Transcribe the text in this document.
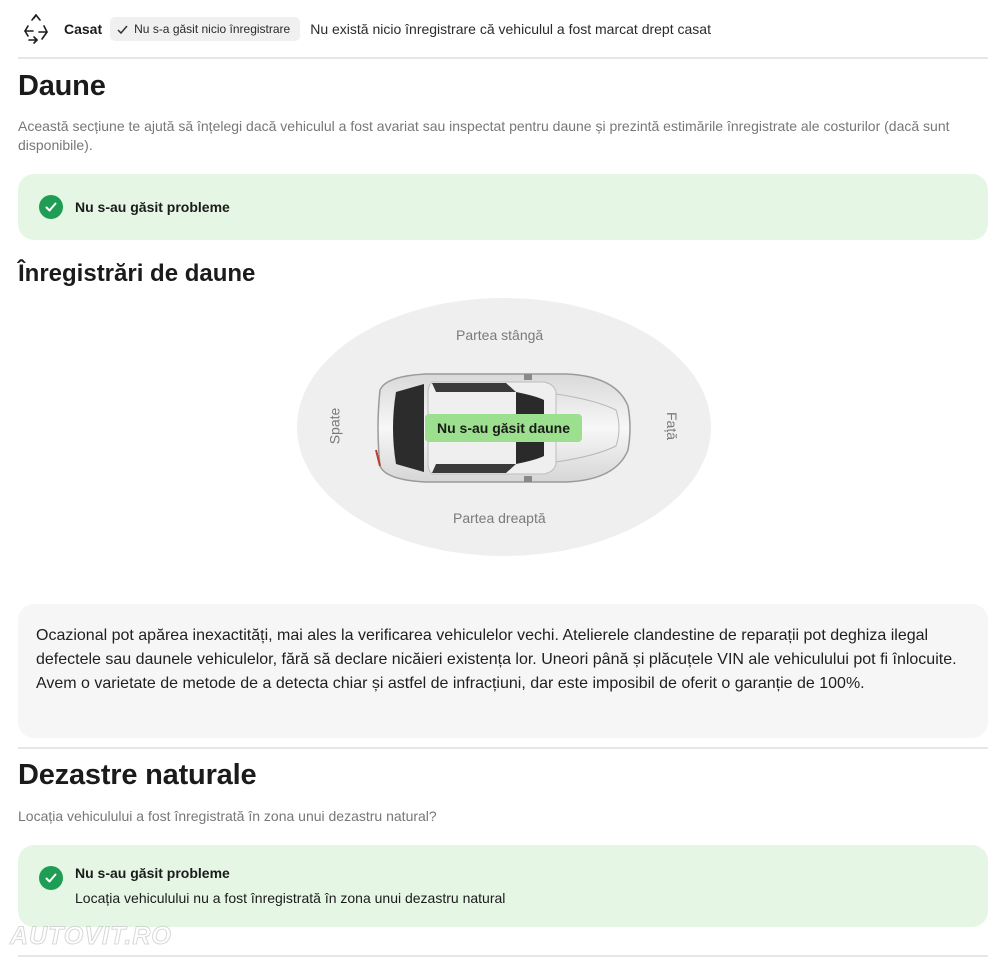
Casat	Nu s-a găsit nicio înregistrare Nu există nicio înregistrare că vehiculul a fost marcat drept casat
Daune

Această secțiune te ajută să înțelegi dacă vehiculul a fost avariat sau inspectat pentru daune și prezintă estimările înregistrate ale costurilor (dacă sunt disponibile).

Nu s-au găsit probleme
Înregistrări de daune
Partea stângă
Partea dreaptă
Spate	Față
Nu s-au găsit daune
Ocazional pot apărea inexactități, mai ales la verificarea vehiculelor vechi. Atelierele clandestine de reparații pot deghiza ilegal defectele sau daunele vehiculelor, fără să declare nicăieri existența lor. Uneori până și plăcuțele VIN ale vehiculului pot fi înlocuite. Avem o varietate de metode de a detecta chiar și astfel de infracțiuni, dar este imposibil de oferit o garanție de 100%.
Dezastre naturale

Locația vehiculului a fost înregistrată în zona unui dezastru natural?

Nu s-au găsit probleme
Locația vehiculului nu a fost înregistrată în zona unui dezastru natural
AUTOVIT.RO
